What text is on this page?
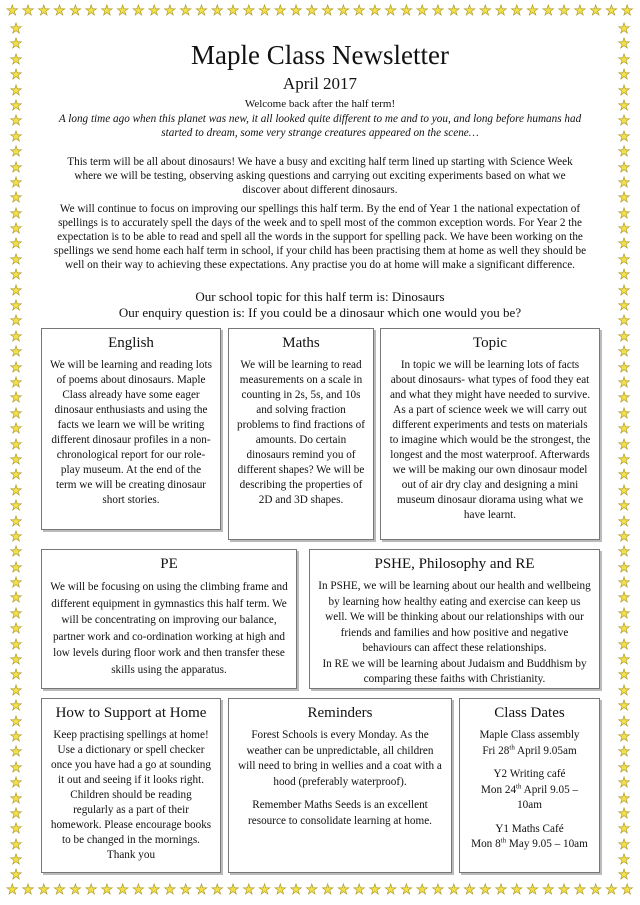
★ ★ ★ ★ ★ ★ ★ ★ ★ ★ ★ ★ ★ ★ ★ ★ ★ ★ ★ ★ ★ ★ ★ ★ ★ ★ ★ ★ ★ ★ ★ ★ ★ ★ ★ ★ ★ ★ ★ ★
★ ★ ★ ★ ★ ★ ★ ★ ★ ★ ★ ★ ★ ★ ★ ★ ★ ★ ★ ★ ★ ★ ★ ★ ★ ★ ★ ★ ★ ★ ★ ★ ★ ★ ★ ★ ★ ★ ★ ★
★
★
★
★
★
★
★
★
★
★
★
★
★
★
★
★
★
★
★
★
★
★
★
★
★
★
★
★
★
★
★
★
★
★
★
★
★
★
★
★
★
★
★
★
★
★
★
★
★
★
★
★
★
★
★
★
★
★
★
★
★
★
★
★
★
★
★
★
★
★
★
★
★
★
★
★
★
★
★
★
★
★
★
★
★
★
★
★
★
★
★
★
★
★
★
★
★
★
★
★
★
★
★
★
★
★
★
★
★
★
★
★
Maple Class Newsletter
April 2017
Welcome back after the half term!
A long time ago when this planet was new, it all looked quite different to me and to you, and long before humans had started to dream, some very strange creatures appeared on the scene…
This term will be all about dinosaurs! We have a busy and exciting half term lined up starting with Science Week where we will be testing, observing asking questions and carrying out exciting experiments based on what we discover about different dinosaurs.
We will continue to focus on improving our spellings this half term. By the end of Year 1 the national expectation of spellings is to accurately spell the days of the week and to spell most of the common exception words. For Year 2 the expectation is to be able to read and spell all the words in the support for spelling pack. We have been working on the spellings we send home each half term in school, if your child has been practising them at home as well they should be well on their way to achieving these expectations. Any practise you do at home will make a significant difference.
Our school topic for this half term is: Dinosaurs
Our enquiry question is: If you could be a dinosaur which one would you be?
English

We will be learning and reading lots of poems about dinosaurs. Maple Class already have some eager dinosaur enthusiasts and using the facts we learn we will be writing different dinosaur profiles in a non-chronological report for our role-play museum. At the end of the term we will be creating dinosaur short stories.

Maths

We will be learning to read measurements on a scale in counting in 2s, 5s, and 10s and solving fraction problems to find fractions of amounts. Do certain dinosaurs remind you of different shapes? We will be describing the properties of 2D and 3D shapes.

Topic

In topic we will be learning lots of facts about dinosaurs- what types of food they eat and what they might have needed to survive. As a part of science week we will carry out different experiments and tests on materials to imagine which would be the strongest, the longest and the most waterproof. Afterwards we will be making our own dinosaur model out of air dry clay and designing a mini museum dinosaur diorama using what we have learnt.

PE

We will be focusing on using the climbing frame and different equipment in gymnastics this half term. We will be concentrating on improving our balance, partner work and co-ordination working at high and low levels during floor work and then transfer these skills using the apparatus.

PSHE, Philosophy and RE

In PSHE, we will be learning about our health and wellbeing by learning how healthy eating and exercise can keep us well. We will be thinking about our relationships with our friends and families and how positive and negative behaviours can affect these relationships.

In RE we will be learning about Judaism and Buddhism by comparing these faiths with Christianity.

How to Support at Home

Keep practising spellings at home! Use a dictionary or spell checker once you have had a go at sounding it out and seeing if it looks right. Children should be reading regularly as a part of their homework. Please encourage books to be changed in the mornings. Thank you

Reminders

Forest Schools is every Monday. As the weather can be unpredictable, all children will need to bring in wellies and a coat with a hood (preferably waterproof).

Remember Maths Seeds is an excellent resource to consolidate learning at home.

Class Dates

Maple Class assembly
Fri 28th April 9.05am

Y2 Writing café
Mon 24th April 9.05 – 10am

Y1 Maths Café
Mon 8th May 9.05 – 10am
